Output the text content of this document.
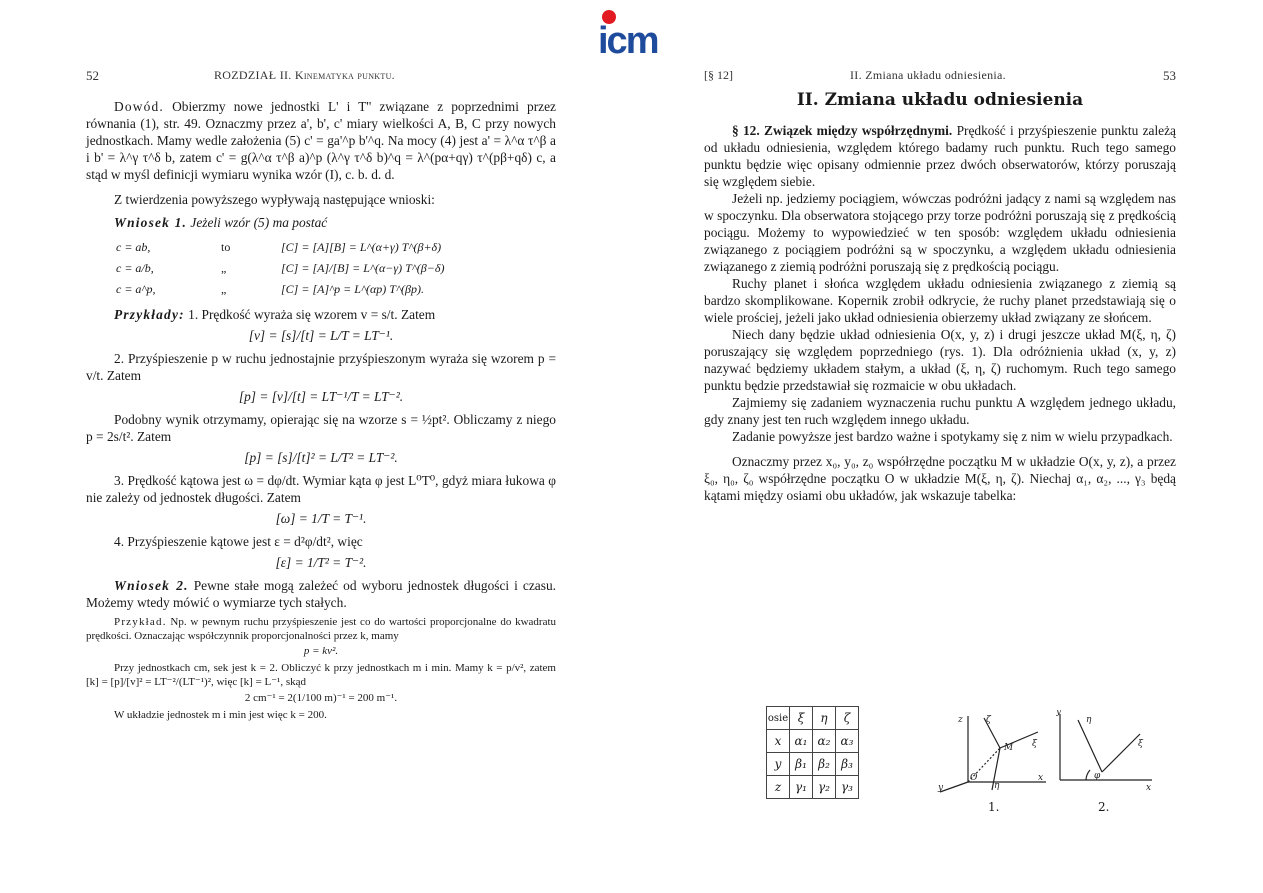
icm
52	ROZDZIAŁ II. Kinematyka punktu.

Dowód. Obierzmy nowe jednostki L' i T'' związane z poprzednimi przez równania (1), str. 49. Oznaczmy przez a', b', c' miary wielkości A, B, C przy nowych jednostkach. Mamy wedle założenia (5) c' = ga'^p b'^q. Na mocy (4) jest a' = λ^α τ^β a i b' = λ^γ τ^δ b, zatem c' = g(λ^α τ^β a)^p (λ^γ τ^δ b)^q = λ^(pα+qγ) τ^(pβ+qδ) c, a stąd w myśl definicji wymiaru wynika wzór (I), c. b. d. d.

Z twierdzenia powyższego wypływają następujące wnioski:

Wniosek 1. Jeżeli wzór (5) ma postać

c = ab,	to	[C] = [A][B] = L^(α+γ) T^(β+δ)
c = a/b,	„	[C] = [A]/[B] = L^(α−γ) T^(β−δ)
c = a^p,	„	[C] = [A]^p = L^(αp) T^(βp).

Przykłady: 1. Prędkość wyraża się wzorem v = s/t. Zatem

[v] = [s]/[t] = L/T = LT⁻¹.

2. Przyśpieszenie p w ruchu jednostajnie przyśpieszonym wyraża się wzorem p = v/t. Zatem

[p] = [v]/[t] = LT⁻¹/T = LT⁻².

Podobny wynik otrzymamy, opierając się na wzorze s = ½pt². Obliczamy z niego p = 2s/t². Zatem

[p] = [s]/[t]² = L/T² = LT⁻².

3. Prędkość kątowa jest ω = dφ/dt. Wymiar kąta φ jest L⁰T⁰, gdyż miara łukowa φ nie zależy od jednostek długości. Zatem

[ω] = 1/T = T⁻¹.

4. Przyśpieszenie kątowe jest ε = d²φ/dt², więc

[ε] = 1/T² = T⁻².

Wniosek 2. Pewne stałe mogą zależeć od wyboru jednostek długości i czasu. Możemy wtedy mówić o wymiarze tych stałych.

Przykład. Np. w pewnym ruchu przyśpieszenie jest co do wartości proporcjonalne do kwadratu prędkości. Oznaczając współczynnik proporcjonalności przez k, mamy

p = kv².

Przy jednostkach cm, sek jest k = 2. Obliczyć k przy jednostkach m i min. Mamy k = p/v², zatem [k] = [p]/[v]² = LT⁻²/(LT⁻¹)², więc [k] = L⁻¹, skąd

2 cm⁻¹ = 2(1/100 m)⁻¹ = 200 m⁻¹.

W układzie jednostek m i min jest więc k = 200.

[§ 12]	II. Zmiana układu odniesienia.	53
II. Zmiana układu odniesienia

§ 12. Związek między współrzędnymi. Prędkość i przyśpieszenie punktu zależą od układu odniesienia, względem którego badamy ruch punktu. Ruch tego samego punktu będzie więc opisany odmiennie przez dwóch obserwatorów, którzy poruszają się względem siebie.

Jeżeli np. jedziemy pociągiem, wówczas podróżni jadący z nami są względem nas w spoczynku. Dla obserwatora stojącego przy torze podróżni poruszają się z prędkością pociągu. Możemy to wypowiedzieć w ten sposób: względem układu odniesienia związanego z pociągiem podróżni są w spoczynku, a względem układu odniesienia związanego z ziemią podróżni poruszają się z prędkością pociągu.

Ruchy planet i słońca względem układu odniesienia związanego z ziemią są bardzo skomplikowane. Kopernik zrobił odkrycie, że ruchy planet przedstawiają się o wiele prościej, jeżeli jako układ odniesienia obierzemy układ związany ze słońcem.

Niech dany będzie układ odniesienia O(x, y, z) i drugi jeszcze układ M(ξ, η, ζ) poruszający się względem poprzedniego (rys. 1). Dla odróżnienia układ (x, y, z) nazywać będziemy układem stałym, a układ (ξ, η, ζ) ruchomym. Ruch tego samego punktu będzie przedstawiał się rozmaicie w obu układach.

Zajmiemy się zadaniem wyznaczenia ruchu punktu A względem jednego układu, gdy znany jest ten ruch względem innego układu.

Zadanie powyższe jest bardzo ważne i spotykamy się z nim w wielu przypadkach.

Oznaczmy przez x₀, y₀, z₀ współrzędne początku M w układzie O(x, y, z), a przez ξ₀, η₀, ζ₀ współrzędne początku O w układzie M(ξ, η, ζ). Niechaj α₁, α₂, ..., γ₃ będą kątami między osiami obu układów, jak wskazuje tabelka:

osie	ξ	η	ζ
x	α₁	α₂	α₃
y	β₁	β₂	β₃
z	γ₁	γ₂	γ₃
z	ζ
M ξ
O
η
x
y
1.
y
η
ξ
φ
x
2.
